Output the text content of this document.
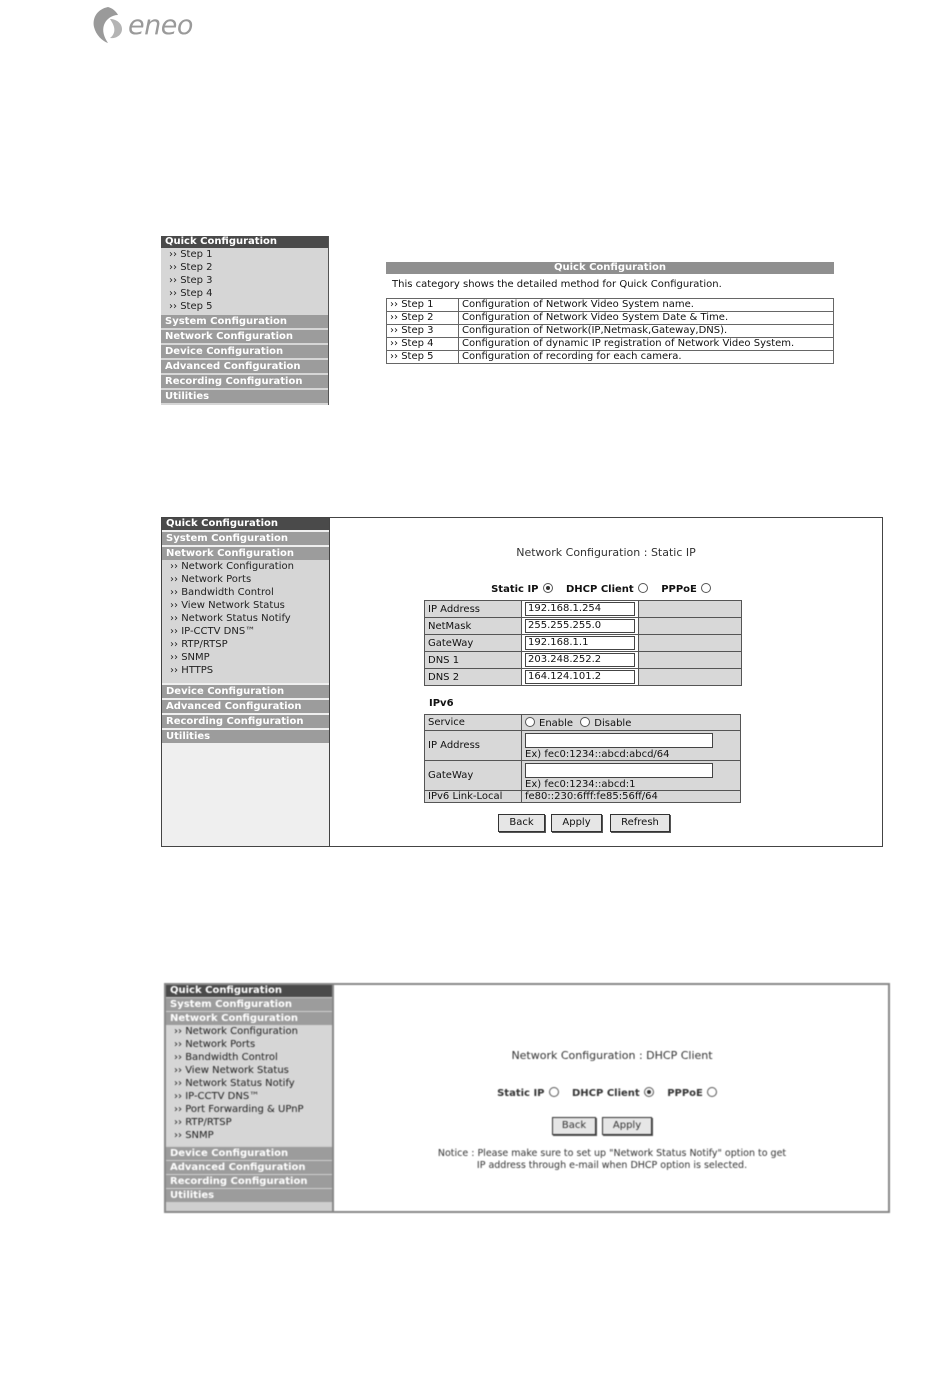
eneo
Quick Configuration
›› Step 1
›› Step 2
›› Step 3
›› Step 4
›› Step 5
System Configuration
Network Configuration
Device Configuration
Advanced Configuration
Recording Configuration
Utilities
Quick Configuration
This category shows the detailed method for Quick Configuration.
›› Step 1	Configuration of Network Video System name.
›› Step 2	Configuration of Network Video System Date & Time.
›› Step 3	Configuration of Network(IP,Netmask,Gateway,DNS).
›› Step 4	Configuration of dynamic IP registration of Network Video System.
›› Step 5	Configuration of recording for each camera.
Quick Configuration
System Configuration
Network Configuration
›› Network Configuration
›› Network Ports
›› Bandwidth Control
›› View Network Status
›› Network Status Notify
›› IP-CCTV DNS™
›› RTP/RTSP
›› SNMP
›› HTTPS
Device Configuration
Advanced Configuration
Recording Configuration
Utilities
Network Configuration : Static IP
Static IP	DHCP Client	PPPoE
IP Address	192.168.1.254	

NetMask	255.255.255.0	

GateWay	192.168.1.1	

DNS 1	203.248.252.2	

DNS 2	164.124.101.2	

IPv6
Service	Enable Disable
IP Address	Ex) fec0:1234::abcd:abcd/64
GateWay	Ex) fec0:1234::abcd:1
IPv6 Link-Local	fe80::230:6fff:fe85:56ff/64
Back	Apply	Refresh
Quick Configuration
System Configuration
Network Configuration
›› Network Configuration
›› Network Ports
›› Bandwidth Control
›› View Network Status
›› Network Status Notify
›› IP-CCTV DNS™
›› Port Forwarding & UPnP
›› RTP/RTSP
›› SNMP
Device Configuration
Advanced Configuration
Recording Configuration
Utilities
Network Configuration : DHCP Client
Static IP	DHCP Client	PPPoE
Back	Apply
Notice : Please make sure to set up "Network Status Notify" option to get
IP address through e-mail when DHCP option is selected.
